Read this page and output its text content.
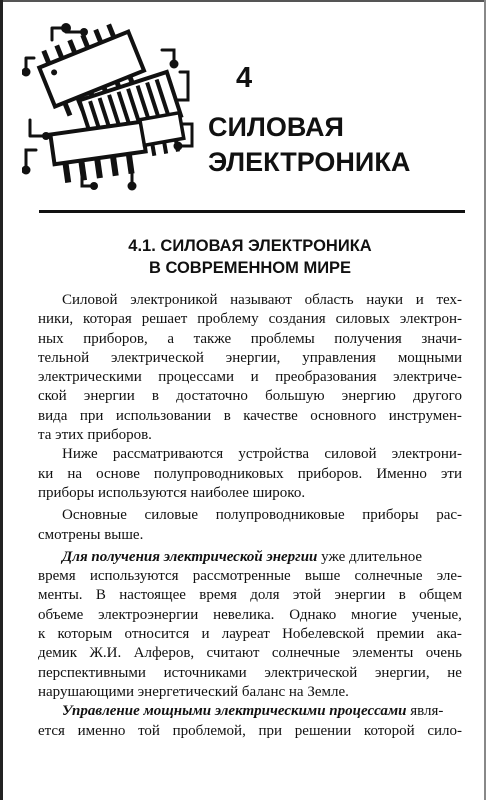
4
СИЛОВАЯ
ЭЛЕКТРОНИКА
4.1. СИЛОВАЯ ЭЛЕКТРОНИКА
В СОВРЕМЕННОМ МИРЕ
Силовой электроникой называют область науки и тех-
ники, которая решает проблему создания силовых электрон-
ных приборов, а также проблемы получения значи-
тельной электрической энергии, управления мощными
электрическими процессами и преобразования электриче-
ской энергии в достаточно большую энергию другого
вида при использовании в качестве основного инструмен-
та этих приборов.
Ниже рассматриваются устройства силовой электрони-
ки на основе полупроводниковых приборов. Именно эти
приборы используются наиболее широко.
Основные силовые полупроводниковые приборы рас-
смотрены выше.
Для получения электрической энергии уже длительное
время используются рассмотренные выше солнечные эле-
менты. В настоящее время доля этой энергии в общем
объеме электроэнергии невелика. Однако многие ученые,
к которым относится и лауреат Нобелевской премии ака-
демик Ж.И. Алферов, считают солнечные элементы очень
перспективными источниками электрической энергии, не
нарушающими энергетический баланс на Земле.
Управление мощными электрическими процессами явля-
ется именно той проблемой, при решении которой сило-
